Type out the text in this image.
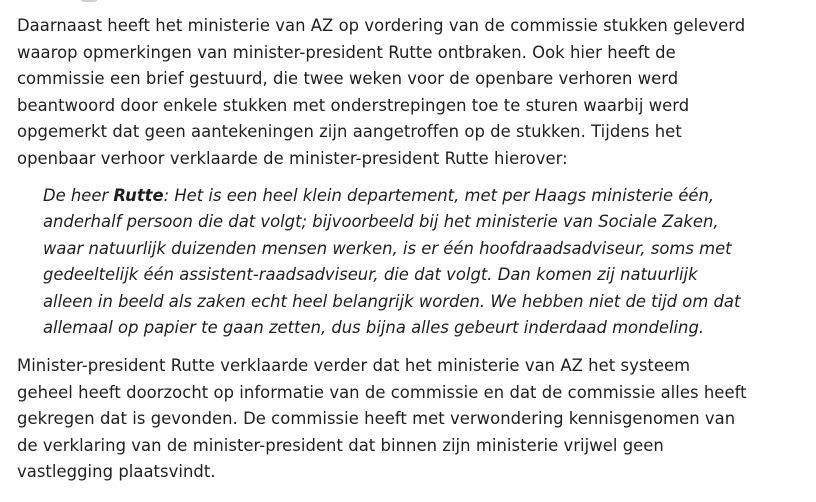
Daarnaast heeft het ministerie van AZ op vordering van de commissie stukken geleverd
waarop opmerkingen van minister-president Rutte ontbraken. Ook hier heeft de
commissie een brief gestuurd, die twee weken voor de openbare verhoren werd
beantwoord door enkele stukken met onderstrepingen toe te sturen waarbij werd
opgemerkt dat geen aantekeningen zijn aangetroffen op de stukken. Tijdens het
openbaar verhoor verklaarde de minister-president Rutte hierover:

De heer Rutte: Het is een heel klein departement, met per Haags ministerie één,
anderhalf persoon die dat volgt; bijvoorbeeld bij het ministerie van Sociale Zaken,
waar natuurlijk duizenden mensen werken, is er één hoofdraadsadviseur, soms met
gedeeltelijk één assistent-raadsadviseur, die dat volgt. Dan komen zij natuurlijk
alleen in beeld als zaken echt heel belangrijk worden. We hebben niet de tijd om dat
allemaal op papier te gaan zetten, dus bijna alles gebeurt inderdaad mondeling.

Minister-president Rutte verklaarde verder dat het ministerie van AZ het systeem
geheel heeft doorzocht op informatie van de commissie en dat de commissie alles heeft
gekregen dat is gevonden. De commissie heeft met verwondering kennisgenomen van
de verklaring van de minister-president dat binnen zijn ministerie vrijwel geen
vastlegging plaatsvindt.
